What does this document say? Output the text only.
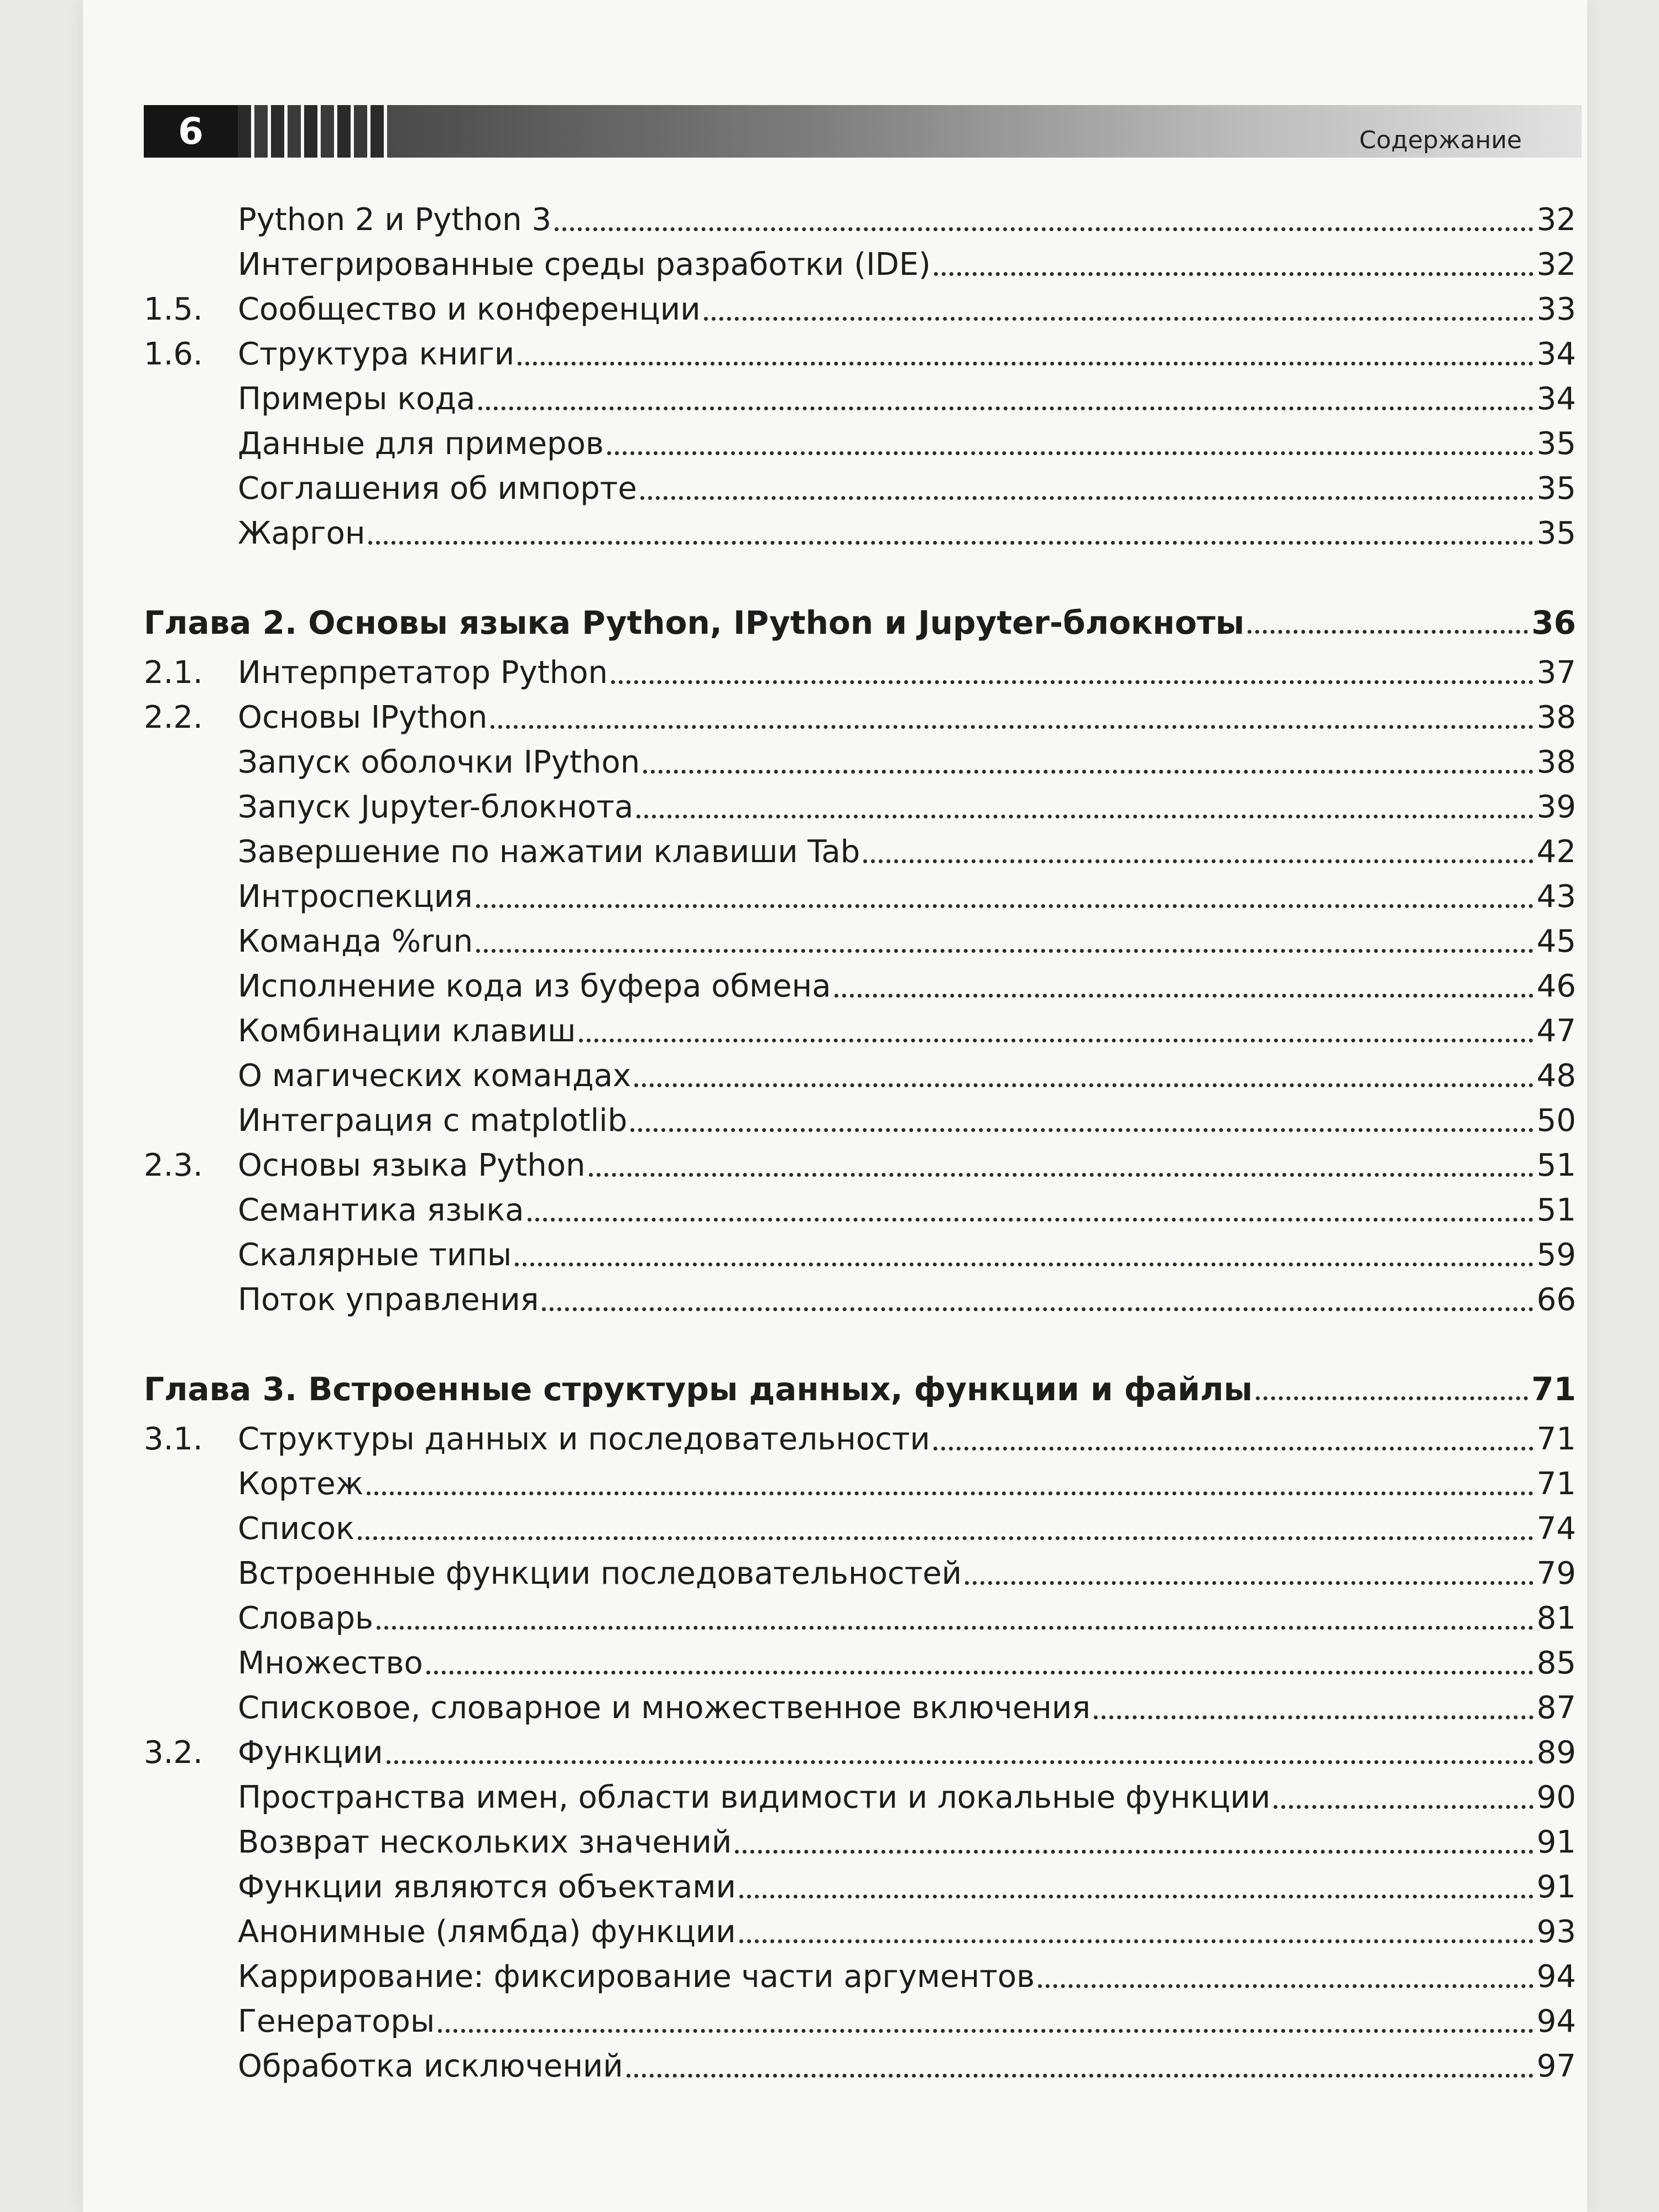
6	Содержание
Python 2 и Python 3	32
Интегрированные среды разработки (IDE)	32
1.5.	Сообщество и конференции	33
1.6.	Структура книги	34
Примеры кода	34
Данные для примеров	35
Соглашения об импорте	35
Жаргон	35
Глава 2. Основы языка Python, IPython и Jupyter-блокноты	36
2.1.	Интерпретатор Python	37
2.2.	Основы IPython	38
Запуск оболочки IPython	38
Запуск Jupyter-блокнота	39
Завершение по нажатии клавиши Tab	42
Интроспекция	43
Команда %run	45
Исполнение кода из буфера обмена	46
Комбинации клавиш	47
О магических командах	48
Интеграция с matplotlib	50
2.3.	Основы языка Python	51
Семантика языка	51
Скалярные типы	59
Поток управления	66
Глава 3. Встроенные структуры данных, функции и файлы	71
3.1.	Структуры данных и последовательности	71
Кортеж	71
Список	74
Встроенные функции последовательностей	79
Словарь	81
Множество	85
Списковое, словарное и множественное включения	87
3.2.	Функции	89
Пространства имен, области видимости и локальные функции	90
Возврат нескольких значений	91
Функции являются объектами	91
Анонимные (лямбда) функции	93
Каррирование: фиксирование части аргументов	94
Генераторы	94
Обработка исключений	97
